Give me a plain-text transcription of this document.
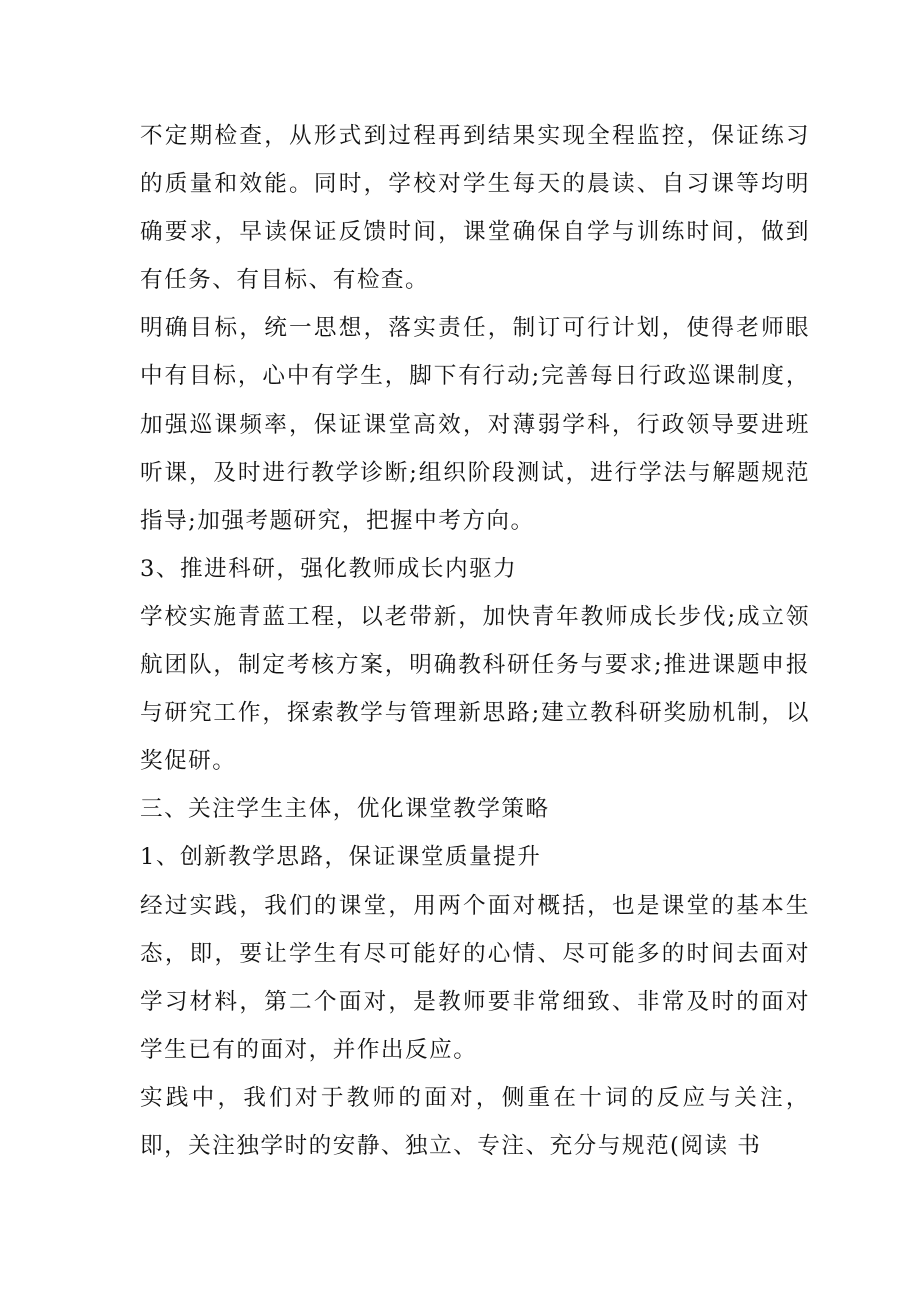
不定期检查，从形式到过程再到结果实现全程监控，保证练习的质量和效能。同时，学校对学生每天的晨读、自习课等均明确要求，早读保证反馈时间，课堂确保自学与训练时间，做到有任务、有目标、有检查。

明确目标，统一思想，落实责任，制订可行计划，使得老师眼中有目标，心中有学生，脚下有行动;完善每日行政巡课制度，加强巡课频率，保证课堂高效，对薄弱学科，行政领导要进班听课，及时进行教学诊断;组织阶段测试，进行学法与解题规范指导;加强考题研究，把握中考方向。

3、推进科研，强化教师成长内驱力

学校实施青蓝工程，以老带新，加快青年教师成长步伐;成立领航团队，制定考核方案，明确教科研任务与要求;推进课题申报与研究工作，探索教学与管理新思路;建立教科研奖励机制，以奖促研。

三、关注学生主体，优化课堂教学策略

1、创新教学思路，保证课堂质量提升

经过实践，我们的课堂，用两个面对概括，也是课堂的基本生态，即，要让学生有尽可能好的心情、尽可能多的时间去面对学习材料，第二个面对，是教师要非常细致、非常及时的面对学生已有的面对，并作出反应。

实践中，我们对于教师的面对，侧重在十词的反应与关注，即，关注独学时的安静、独立、专注、充分与规范(阅读 书
